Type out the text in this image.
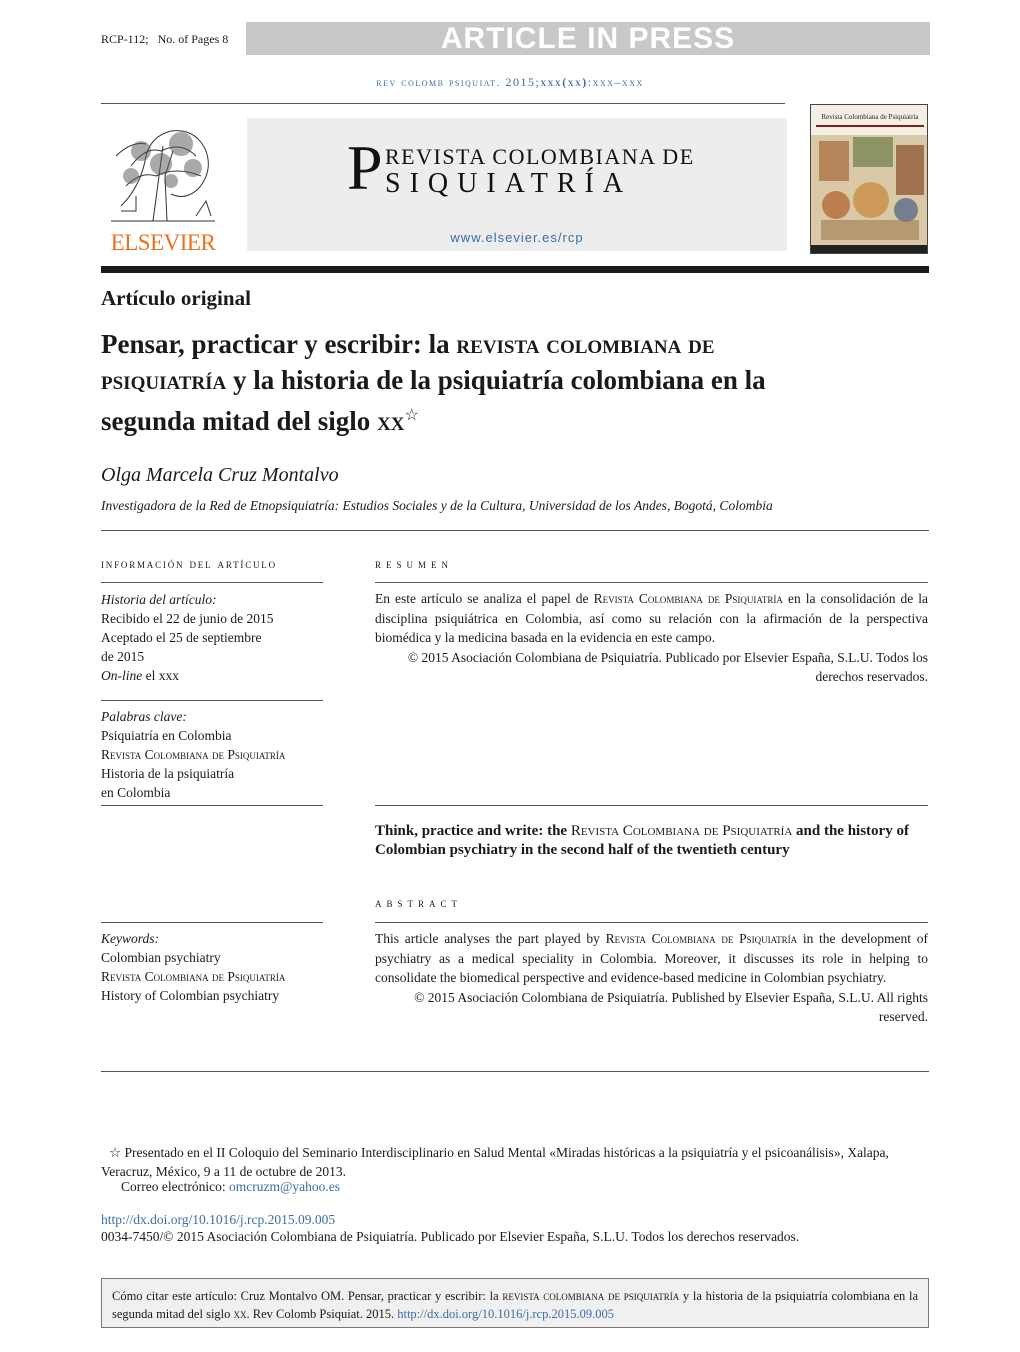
RCP-112; No. of Pages 8	ARTICLE IN PRESS
rev colomb psiquiat. 2015;xxx(xx):xxx–xxx
ELSEVIER
P REVISTA COLOMBIANA DE
SIQUIATRÍA
www.elsevier.es/rcp
Revista Colombiana de Psiquiatría
Artículo original
Pensar, practicar y escribir: la revista colombiana de psiquiatría y la historia de la psiquiatría colombiana en la segunda mitad del siglo xx☆
Olga Marcela Cruz Montalvo
Investigadora de la Red de Etnopsiquiatría: Estudios Sociales y de la Cultura, Universidad de los Andes, Bogotá, Colombia
información del artículo
Historia del artículo:
Recibido el 22 de junio de 2015
Aceptado el 25 de septiembre
de 2015
On-line el xxx
Palabras clave:
Psiquiatría en Colombia
Revista Colombiana de Psiquiatría
Historia de la psiquiatría
en Colombia
Keywords:
Colombian psychiatry
Revista Colombiana de Psiquiatría
History of Colombian psychiatry
resumen

En este artículo se analiza el papel de Revista Colombiana de Psiquiatría en la consolidación de la disciplina psiquiátrica en Colombia, así como su relación con la afirmación de la perspectiva biomédica y la medicina basada en la evidencia en este campo.

© 2015 Asociación Colombiana de Psiquiatría. Publicado por Elsevier España, S.L.U. Todos los derechos reservados.

Think, practice and write: the Revista Colombiana de Psiquiatría and the history of Colombian psychiatry in the second half of the twentieth century
abstract

This article analyses the part played by Revista Colombiana de Psiquiatría in the development of psychiatry as a medical speciality in Colombia. Moreover, it discusses its role in helping to consolidate the biomedical perspective and evidence-based medicine in Colombian psychiatry.

© 2015 Asociación Colombiana de Psiquiatría. Published by Elsevier España, S.L.U. All rights reserved.

☆ Presentado en el II Coloquio del Seminario Interdisciplinario en Salud Mental «Miradas históricas a la psiquiatría y el psicoanálisis», Xalapa, Veracruz, México, 9 a 11 de octubre de 2013.
Correo electrónico: omcruzm@yahoo.es
http://dx.doi.org/10.1016/j.rcp.2015.09.005
0034-7450/© 2015 Asociación Colombiana de Psiquiatría. Publicado por Elsevier España, S.L.U. Todos los derechos reservados.
Cómo citar este artículo: Cruz Montalvo OM. Pensar, practicar y escribir: la revista colombiana de psiquiatría y la historia de la psiquiatría colombiana en la segunda mitad del siglo xx. Rev Colomb Psiquiat. 2015. http://dx.doi.org/10.1016/j.rcp.2015.09.005
